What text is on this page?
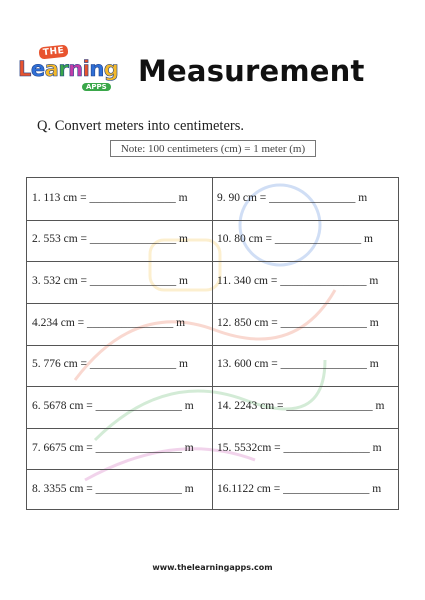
THE
Learning
APPS Measurement
Q. Convert meters into centimeters.
Note: 100 centimeters (cm) = 1 meter (m)
1. 113 cm = _______________ m
2. 553 cm = _______________ m
3. 532 cm = _______________ m
4.234 cm = _______________ m
5. 776 cm = _______________ m
6. 5678 cm = _______________ m
7. 6675 cm = _______________ m
8. 3355 cm = _______________ m
9. 90 cm = _______________ m
10. 80 cm = _______________ m
11. 340 cm = _______________ m
12. 850 cm = _______________ m
13. 600 cm = _______________ m
14. 2243 cm = _______________ m
15. 5532cm = _______________ m
16.1122 cm = _______________ m
www.thelearningapps.com
